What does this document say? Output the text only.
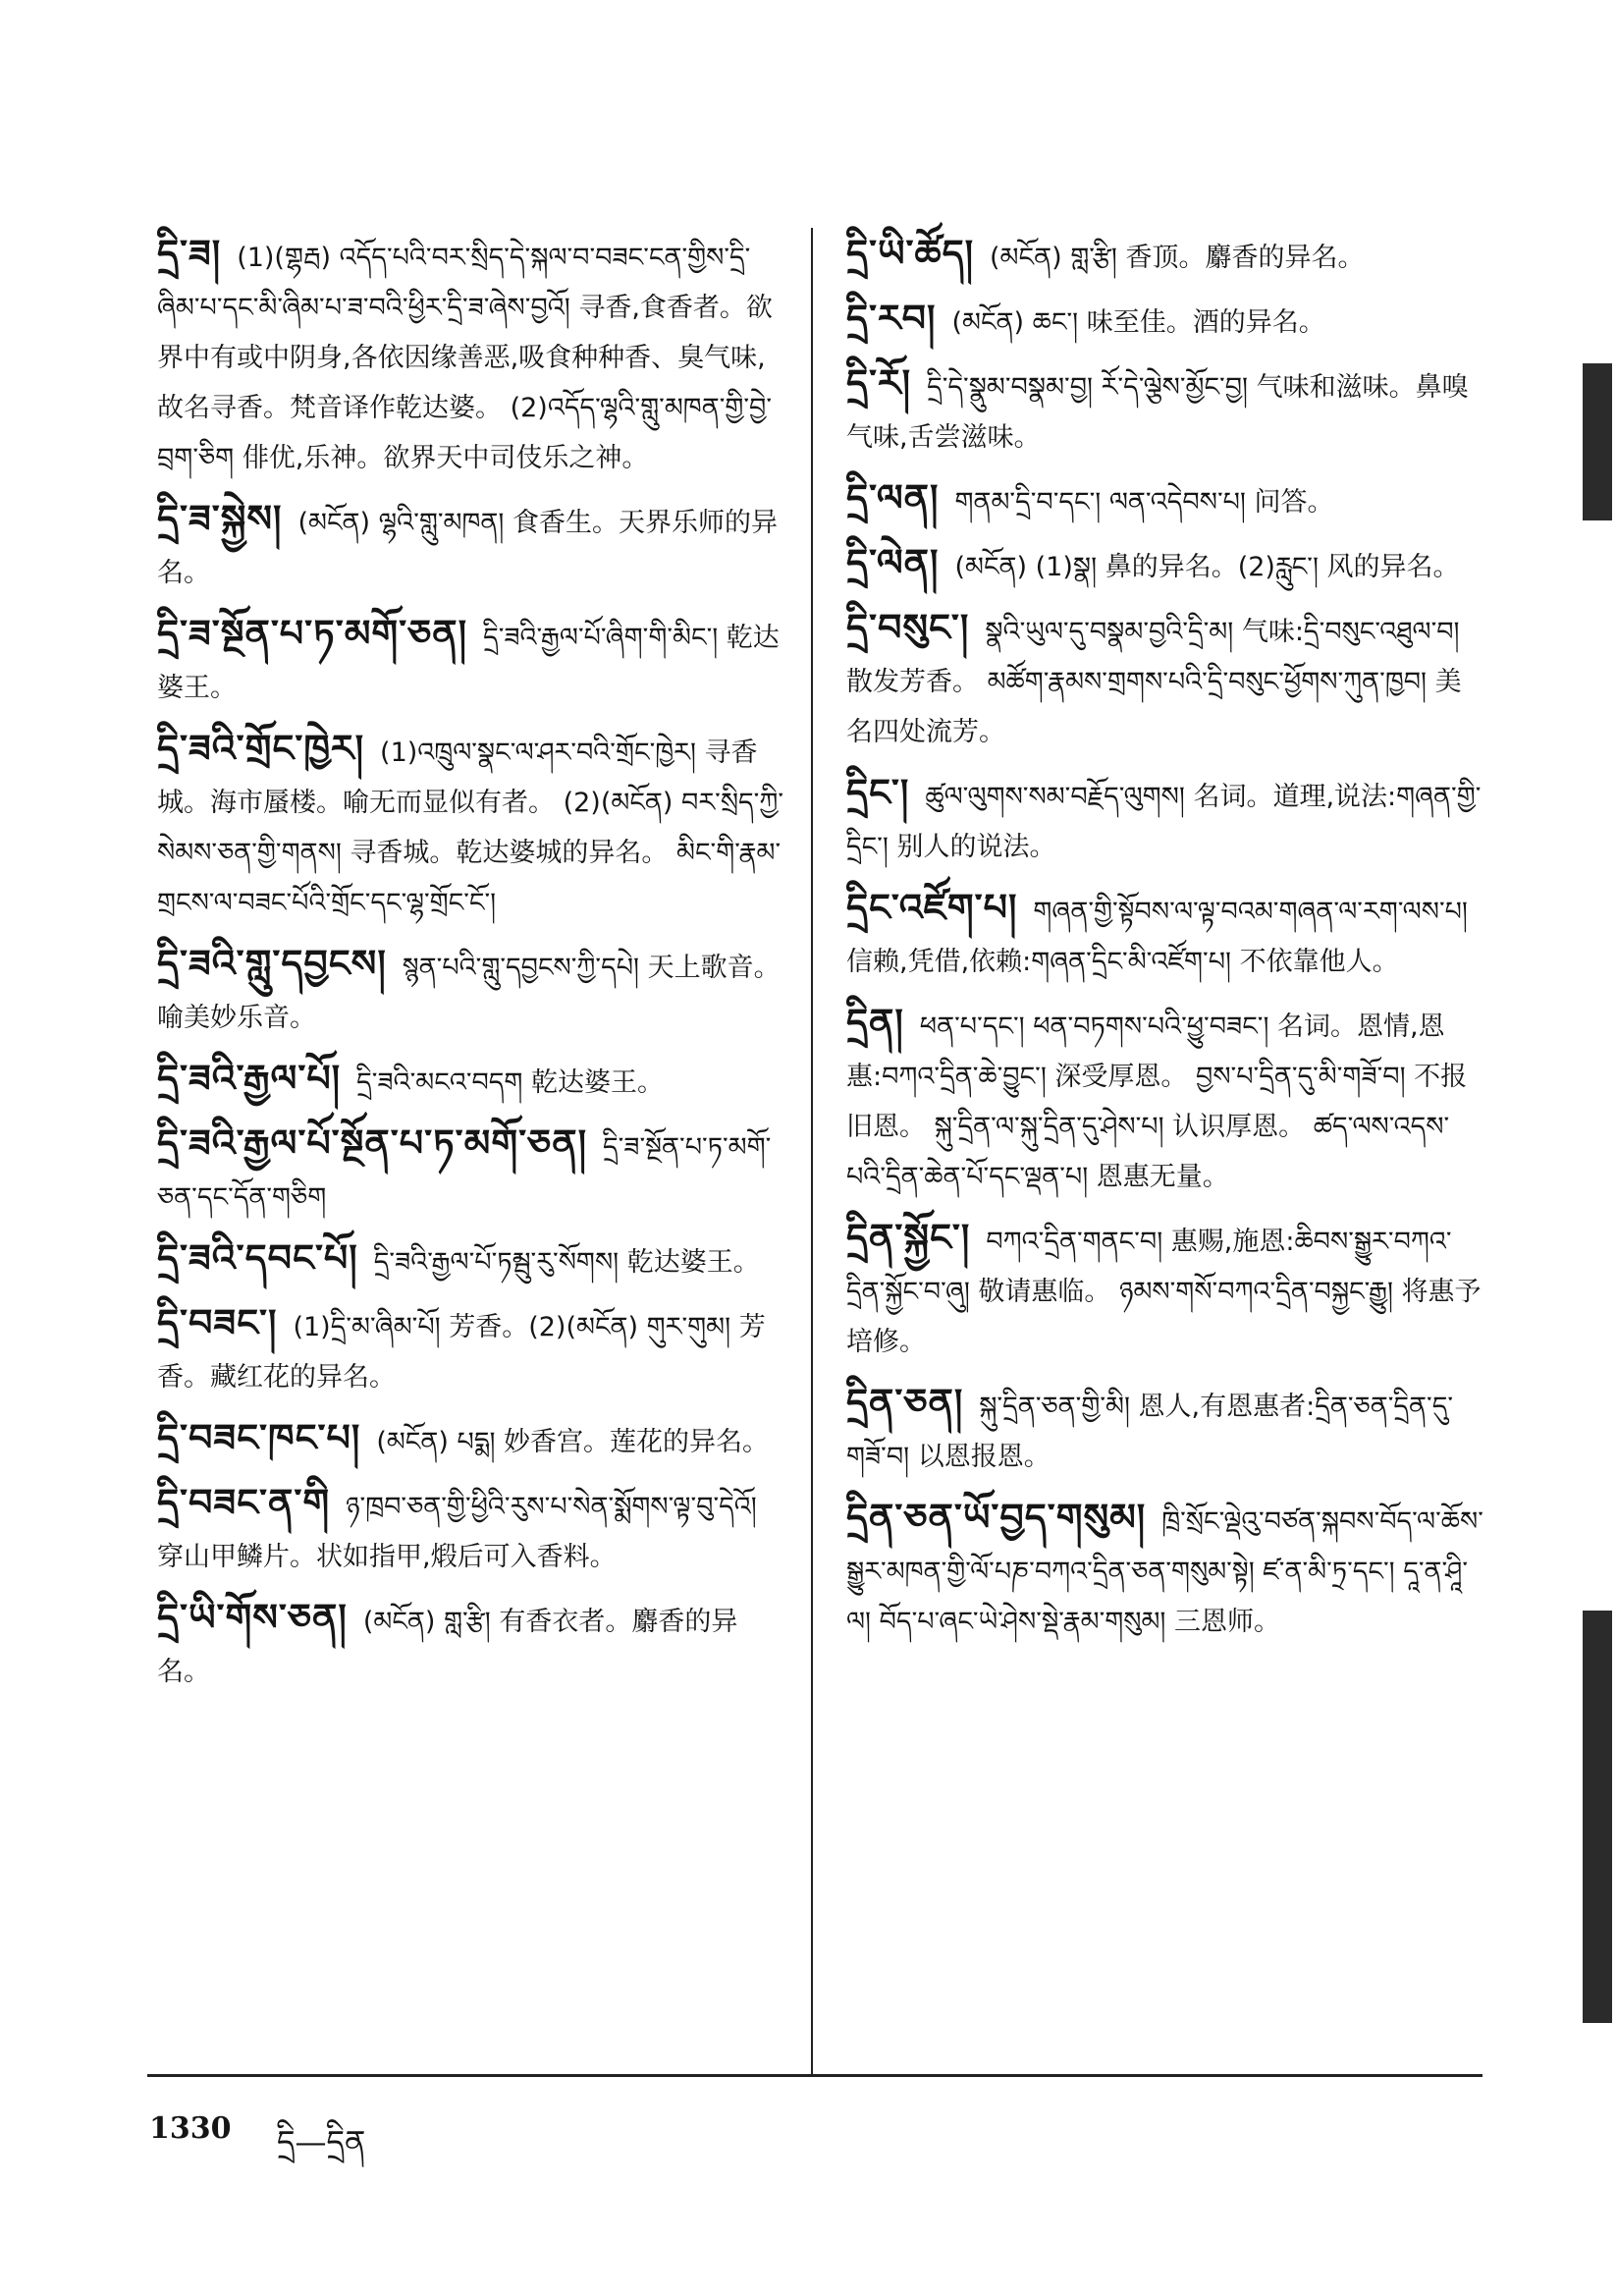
དྲི་ཟ། (1)(གྷརྦ) འདོད་པའི་བར་སྲིད་དེ་སྐལ་བ་བཟང་ངན་གྱིས་དྲི་ཞིམ་པ་དང་མི་ཞིམ་པ་ཟ་བའི་ཕྱིར་དྲི་ཟ་ཞེས་བྱའོ། 寻香,食香者。欲界中有或中阴身,各依因缘善恶,吸食种种香、臭气味,故名寻香。梵音译作乾达婆。 (2)འདོད་ལྷའི་གླུ་མཁན་གྱི་བྱེ་བྲག་ཅིག 俳优,乐神。欲界天中司伎乐之神。
དྲི་ཟ་སྐྱེས། (མངོན) ལྷའི་གླུ་མཁན། 食香生。天界乐师的异名。
དྲི་ཟ་སྔོན་པ་ཏ་མགོ་ཅན། དྲི་ཟའི་རྒྱལ་པོ་ཞིག་གི་མིང་། 乾达婆王。
དྲི་ཟའི་གྲོང་ཁྱེར། (1)འཁྲུལ་སྣང་ལ་ཤར་བའི་གྲོང་ཁྱེར། 寻香城。海市蜃楼。喻无而显似有者。 (2)(མངོན) བར་སྲིད་ཀྱི་སེམས་ཅན་གྱི་གནས། 寻香城。乾达婆城的异名。 མིང་གི་རྣམ་གྲངས་ལ་བཟང་པོའི་གྲོང་དང་ལྷ་གྲོང་ངོ་།
དྲི་ཟའི་གླུ་དབྱངས། སྙན་པའི་གླུ་དབྱངས་ཀྱི་དཔེ། 天上歌音。喻美妙乐音。
དྲི་ཟའི་རྒྱལ་པོ། དྲི་ཟའི་མངའ་བདག 乾达婆王。
དྲི་ཟའི་རྒྱལ་པོ་སྔོན་པ་ཏ་མགོ་ཅན། དྲི་ཟ་སྔོན་པ་ཏ་མགོ་ཅན་དང་དོན་གཅིག
དྲི་ཟའི་དབང་པོ། དྲི་ཟའི་རྒྱལ་པོ་ཏམྦུ་རུ་སོགས། 乾达婆王。
དྲི་བཟང་། (1)དྲི་མ་ཞིམ་པོ། 芳香。(2)(མངོན) གུར་གུམ། 芳香。藏红花的异名。
དྲི་བཟང་ཁང་པ། (མངོན) པདྨ། 妙香宫。莲花的异名。
དྲི་བཟང་ན་གི ཉ་ཁྲབ་ཅན་གྱི་ཕྱིའི་རུས་པ་སེན་སྨོགས་ལྟ་བུ་དེའོ། 穿山甲鳞片。状如指甲,煅后可入香料。
དྲི་ཡི་གོས་ཅན། (མངོན) གླ་རྩི། 有香衣者。麝香的异名。
དྲི་ཡི་ཚོད། (མངོན) གླ་རྩི། 香顶。麝香的异名。
དྲི་རབ། (མངོན) ཆང་། 味至佳。酒的异名。
དྲི་རོ། དྲི་དེ་སྣུམ་བསྣམ་བྱ། རོ་དེ་ལྕེས་མྱོང་བྱ། 气味和滋味。鼻嗅气味,舌尝滋味。
དྲི་ལན། གནམ་དྲི་བ་དང་། ལན་འདེབས་པ། 问答。
དྲི་ལེན། (མངོན) (1)སྣ། 鼻的异名。(2)རླུང་། 风的异名。
དྲི་བསུང་། སྣའི་ཡུལ་དུ་བསྣམ་བྱའི་དྲི་མ། 气味:དྲི་བསུང་འཐུལ་བ། 散发芳香。 མཚོག་རྣམས་གྲགས་པའི་དྲི་བསུང་ཕྱོགས་ཀུན་ཁྱབ། 美名四处流芳。
དྲིང་། ཚུལ་ལུགས་སམ་བརྗོད་ལུགས། 名词。道理,说法:གཞན་གྱི་དྲིང་། 别人的说法。
དྲིང་འཛོག་པ། གཞན་གྱི་སྟོབས་ལ་ལྟ་བའམ་གཞན་ལ་རག་ལས་པ། 信赖,凭借,依赖:གཞན་དྲིང་མི་འཛོག་པ། 不依靠他人。
དྲིན། ཕན་པ་དང་། ཕན་བཏགས་པའི་ཕྱུ་བཟང་། 名词。恩情,恩惠:བཀའ་དྲིན་ཆེ་བྱུང་། 深受厚恩。 བྱས་པ་དྲིན་དུ་མི་གཟོ་བ། 不报旧恩。 སྐུ་དྲིན་ལ་སྐུ་དྲིན་དུ་ཤེས་པ། 认识厚恩。 ཚད་ལས་འདས་པའི་དྲིན་ཆེན་པོ་དང་ལྡན་པ། 恩惠无量。
དྲིན་སྐྱོང་། བཀའ་དྲིན་གནང་བ། 惠赐,施恩:ཆིབས་སྒྱུར་བཀའ་དྲིན་སྐྱོང་བ་ཞུ། 敬请惠临。 ཉམས་གསོ་བཀའ་དྲིན་བསྐྱང་རྒྱུ། 将惠予培修。
དྲིན་ཅན། སྐུ་དྲིན་ཅན་གྱི་མི། 恩人,有恩惠者:དྲིན་ཅན་དྲིན་དུ་གཟོ་བ། 以恩报恩。
དྲིན་ཅན་ཡོ་བྱད་གསུམ། ཁྲི་སྲོང་ལྡེའུ་བཙན་སྐབས་བོད་ལ་ཆོས་སྒྱུར་མཁན་གྱི་ལོ་པཎ་བཀའ་དྲིན་ཅན་གསུམ་སྟེ། ཛ་ན་མི་ཏྲ་དང་། དཱ་ན་ཤཱི་ལ། བོད་པ་ཞང་ཡེ་ཤེས་སྡེ་རྣམ་གསུམ། 三恩师。
1330 དྲི—དྲིན
